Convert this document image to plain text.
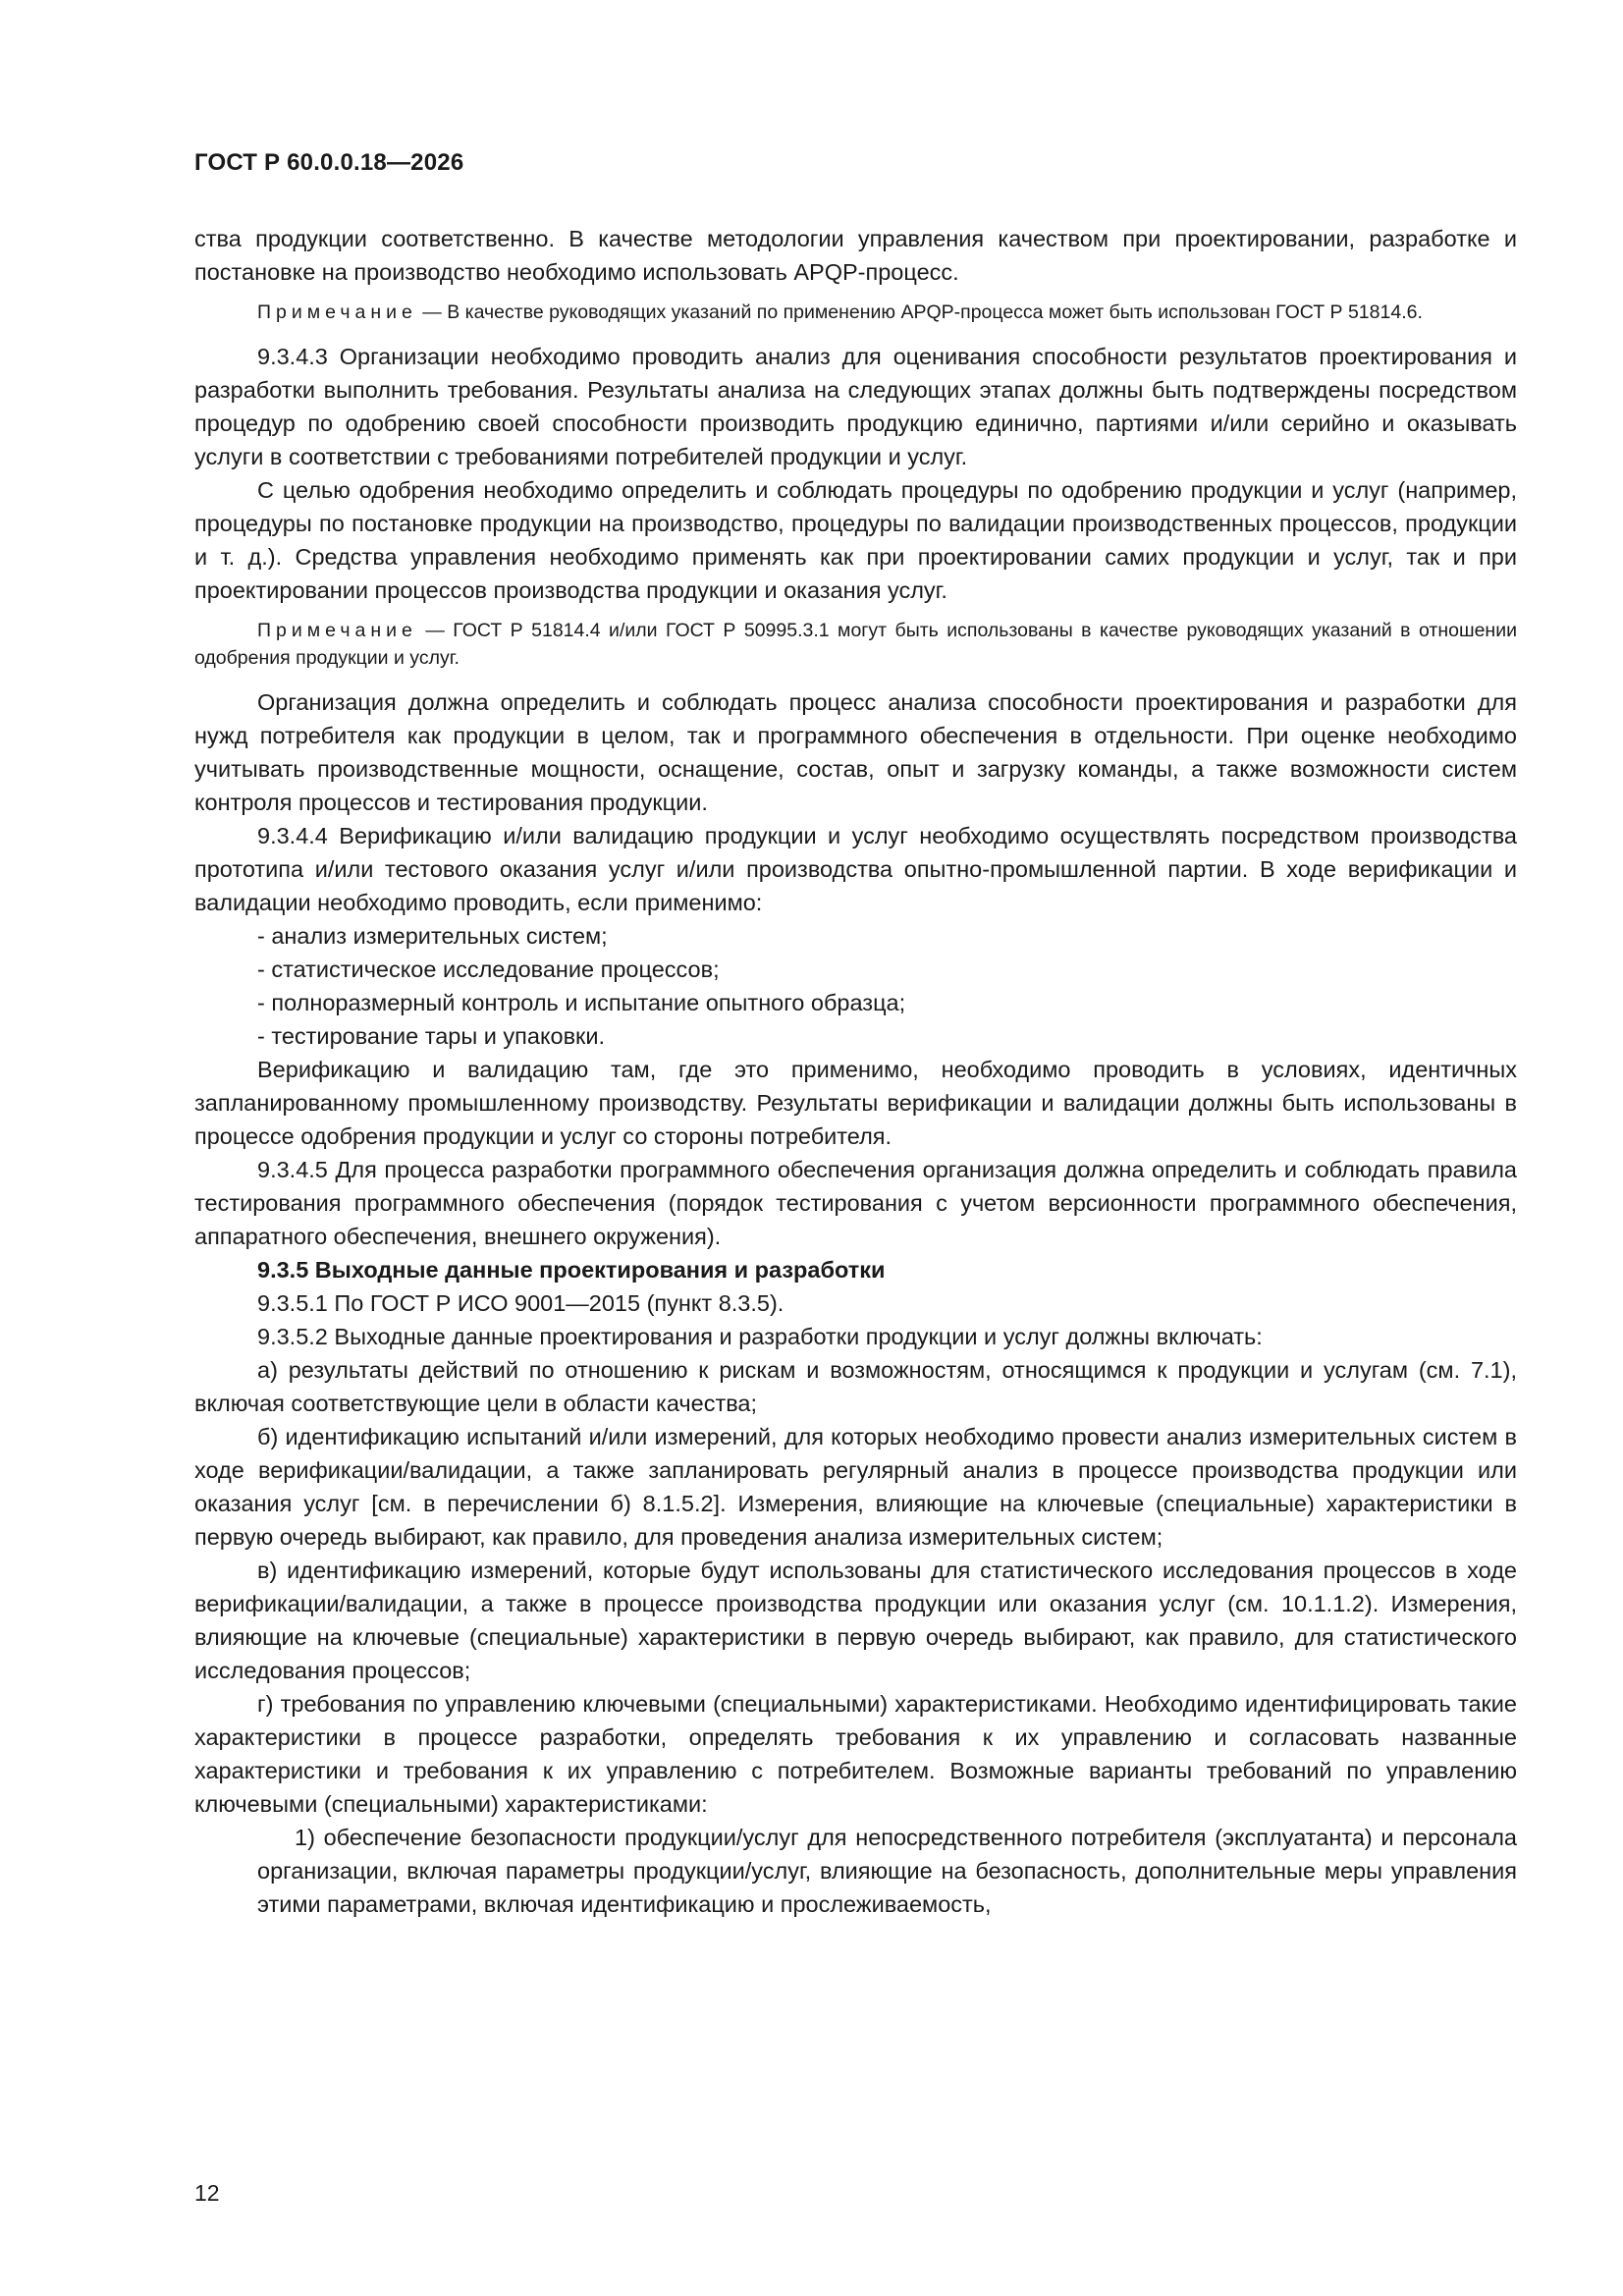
ГОСТ Р 60.0.0.18—2026

ства продукции соответственно. В качестве методологии управления качеством при проектировании, разработке и постановке на производство необходимо использовать APQP-процесс.

Примечание — В качестве руководящих указаний по применению APQP-процесса может быть использован ГОСТ Р 51814.6.

9.3.4.3 Организации необходимо проводить анализ для оценивания способности результатов проектирования и разработки выполнить требования. Результаты анализа на следующих этапах должны быть подтверждены посредством процедур по одобрению своей способности производить продукцию единично, партиями и/или серийно и оказывать услуги в соответствии с требованиями потребителей продукции и услуг.

С целью одобрения необходимо определить и соблюдать процедуры по одобрению продукции и услуг (например, процедуры по постановке продукции на производство, процедуры по валидации производственных процессов, продукции и т. д.). Средства управления необходимо применять как при проектировании самих продукции и услуг, так и при проектировании процессов производства продукции и оказания услуг.

Примечание — ГОСТ Р 51814.4 и/или ГОСТ Р 50995.3.1 могут быть использованы в качестве руководящих указаний в отношении одобрения продукции и услуг.

Организация должна определить и соблюдать процесс анализа способности проектирования и разработки для нужд потребителя как продукции в целом, так и программного обеспечения в отдельности. При оценке необходимо учитывать производственные мощности, оснащение, состав, опыт и загрузку команды, а также возможности систем контроля процессов и тестирования продукции.

9.3.4.4 Верификацию и/или валидацию продукции и услуг необходимо осуществлять посредством производства прототипа и/или тестового оказания услуг и/или производства опытно-промышленной партии. В ходе верификации и валидации необходимо проводить, если применимо:

- анализ измерительных систем;

- статистическое исследование процессов;

- полноразмерный контроль и испытание опытного образца;

- тестирование тары и упаковки.

Верификацию и валидацию там, где это применимо, необходимо проводить в условиях, идентичных запланированному промышленному производству. Результаты верификации и валидации должны быть использованы в процессе одобрения продукции и услуг со стороны потребителя.

9.3.4.5 Для процесса разработки программного обеспечения организация должна определить и соблюдать правила тестирования программного обеспечения (порядок тестирования с учетом версионности программного обеспечения, аппаратного обеспечения, внешнего окружения).

9.3.5 Выходные данные проектирования и разработки

9.3.5.1 По ГОСТ Р ИСО 9001—2015 (пункт 8.3.5).

9.3.5.2 Выходные данные проектирования и разработки продукции и услуг должны включать:

а) результаты действий по отношению к рискам и возможностям, относящимся к продукции и услугам (см. 7.1), включая соответствующие цели в области качества;

б) идентификацию испытаний и/или измерений, для которых необходимо провести анализ измерительных систем в ходе верификации/валидации, а также запланировать регулярный анализ в процессе производства продукции или оказания услуг [см. в перечислении б) 8.1.5.2]. Измерения, влияющие на ключевые (специальные) характеристики в первую очередь выбирают, как правило, для проведения анализа измерительных систем;

в) идентификацию измерений, которые будут использованы для статистического исследования процессов в ходе верификации/валидации, а также в процессе производства продукции или оказания услуг (см. 10.1.1.2). Измерения, влияющие на ключевые (специальные) характеристики в первую очередь выбирают, как правило, для статистического исследования процессов;

г) требования по управлению ключевыми (специальными) характеристиками. Необходимо идентифицировать такие характеристики в процессе разработки, определять требования к их управлению и согласовать названные характеристики и требования к их управлению с потребителем. Возможные варианты требований по управлению ключевыми (специальными) характеристиками:

1) обеспечение безопасности продукции/услуг для непосредственного потребителя (эксплуатанта) и персонала организации, включая параметры продукции/услуг, влияющие на безопасность, дополнительные меры управления этими параметрами, включая идентификацию и прослеживаемость,

12
